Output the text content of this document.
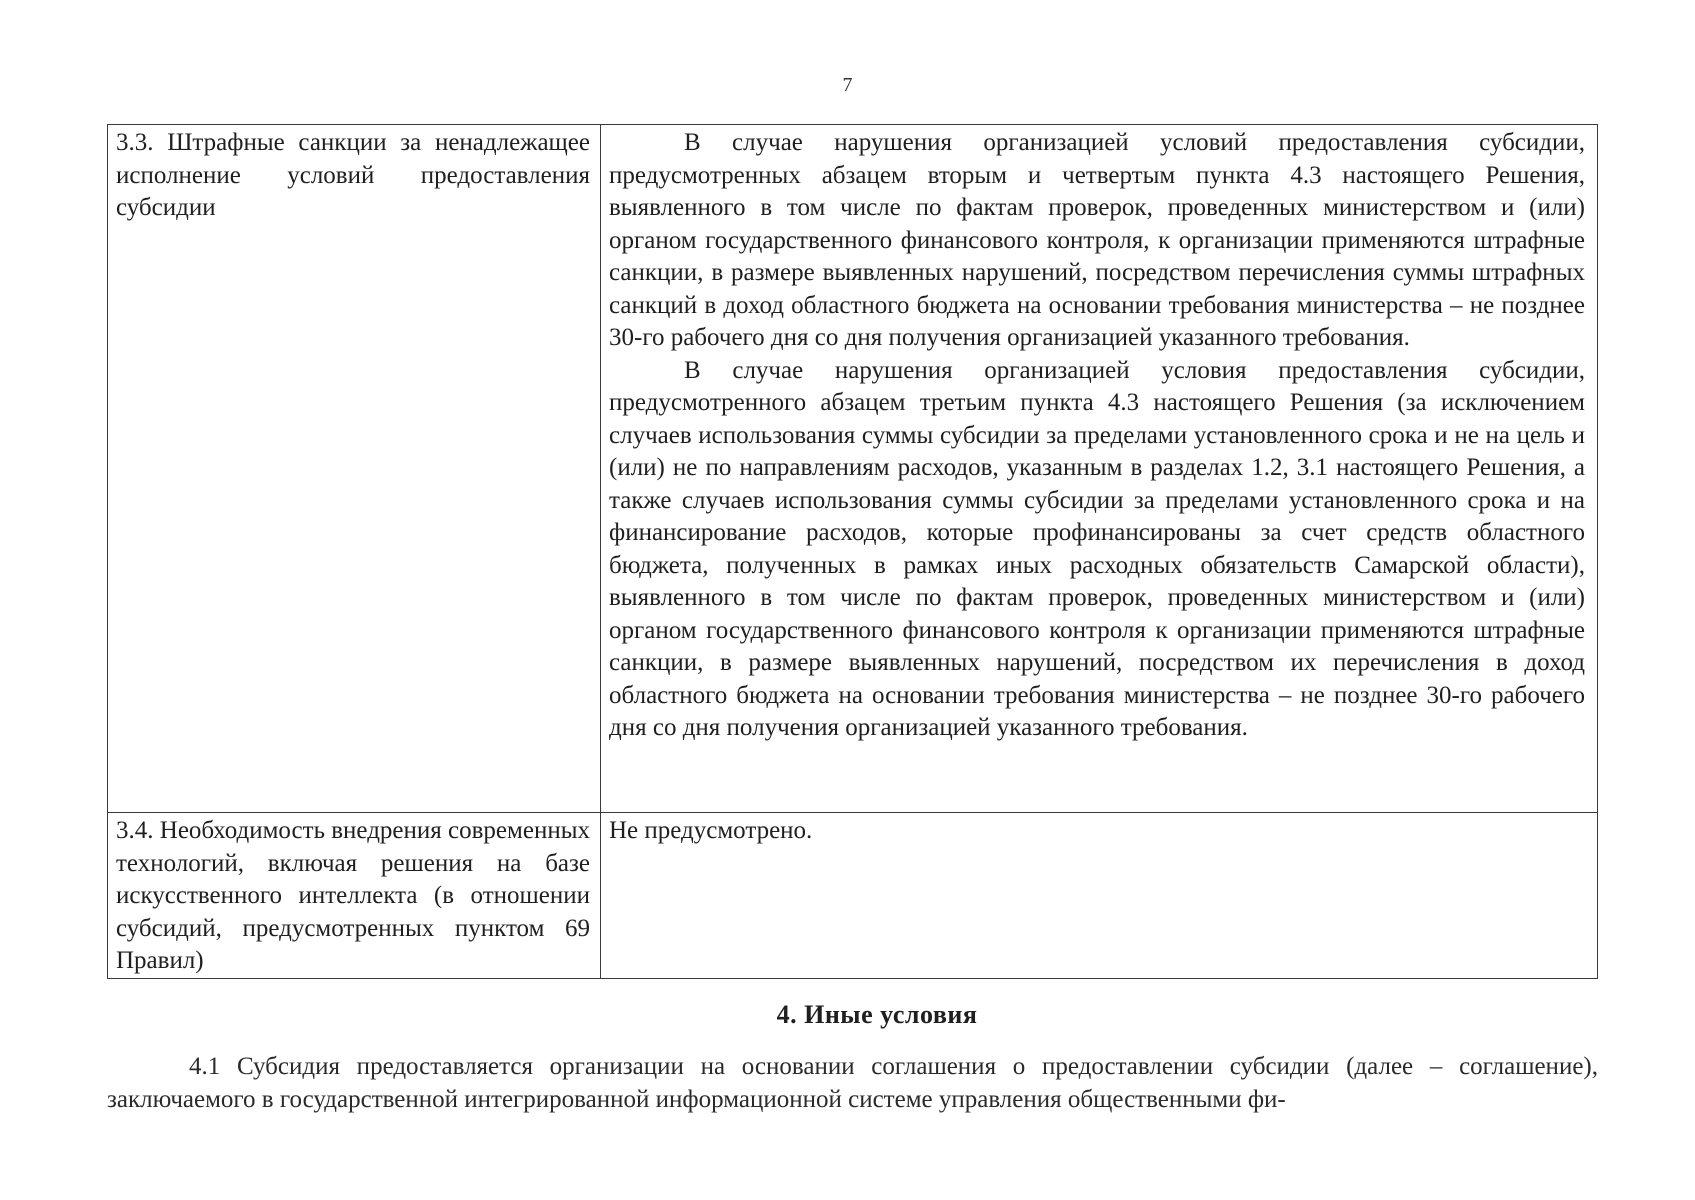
7
3.3. Штрафные санкции за ненадлежащее исполнение условий предоставления субсидии	В случае нарушения организацией условий предоставления субсидии, предусмотренных абзацем вторым и четвертым пункта 4.3 настоящего Решения, выявленного в том числе по фактам проверок, проведенных министерством и (или) органом государственного финансового контроля, к организации применяются штрафные санкции, в размере выявленных нарушений, посредством перечисления суммы штрафных санкций в доход областного бюджета на основании требования министерства – не позднее 30-го рабочего дня со дня получения организацией указанного требования.

В случае нарушения организацией условия предоставления субсидии, предусмотренного абзацем третьим пункта 4.3 настоящего Решения (за исключением случаев использования суммы субсидии за пределами установленного срока и не на цель и (или) не по направлениям расходов, указанным в разделах 1.2, 3.1 настоящего Решения, а также случаев использования суммы субсидии за пределами установленного срока и на финансирование расходов, которые профинансированы за счет средств областного бюджета, полученных в рамках иных расходных обязательств Самарской области), выявленного в том числе по фактам проверок, проведенных министерством и (или) органом государственного финансового контроля к организации применяются штрафные санкции, в размере выявленных нарушений, посредством их перечисления в доход областного бюджета на основании требования министерства – не позднее 30-го рабочего дня со дня получения организацией указанного требования.

3.4. Необходимость внедрения современных технологий, включая решения на базе искусственного интеллекта (в отношении субсидий, предусмотренных пунктом 69 Правил)	Не предусмотрено.

4. Иные условия

4.1 Субсидия предоставляется организации на основании соглашения о предоставлении субсидии (далее – соглашение), заключаемого в государственной интегрированной информационной системе управления общественными фи-
